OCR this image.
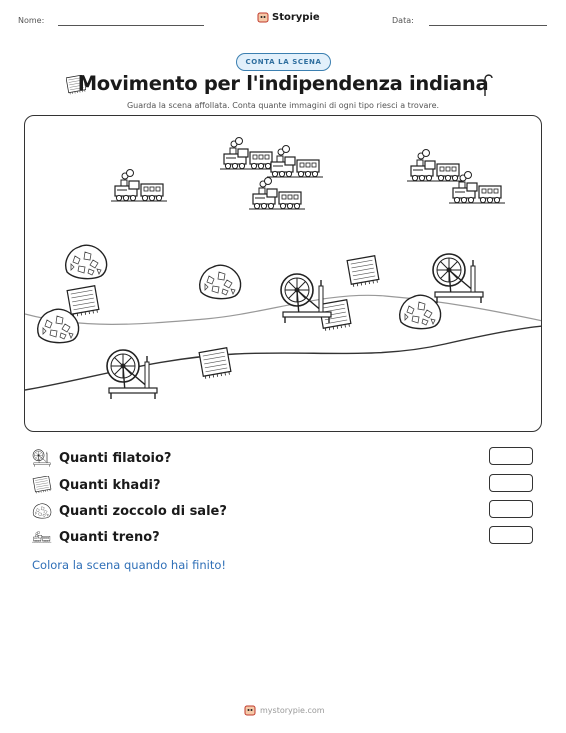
Nome:	Storypie	Data:
CONTA LA SCENA
Movimento per l'indipendenza indiana
Guarda la scena affollata. Conta quante immagini di ogni tipo riesci a trovare.
Quanti filatoio?
Quanti khadi?
Quanti zoccolo di sale?
Quanti treno?
Colora la scena quando hai finito!
mystorypie.com
